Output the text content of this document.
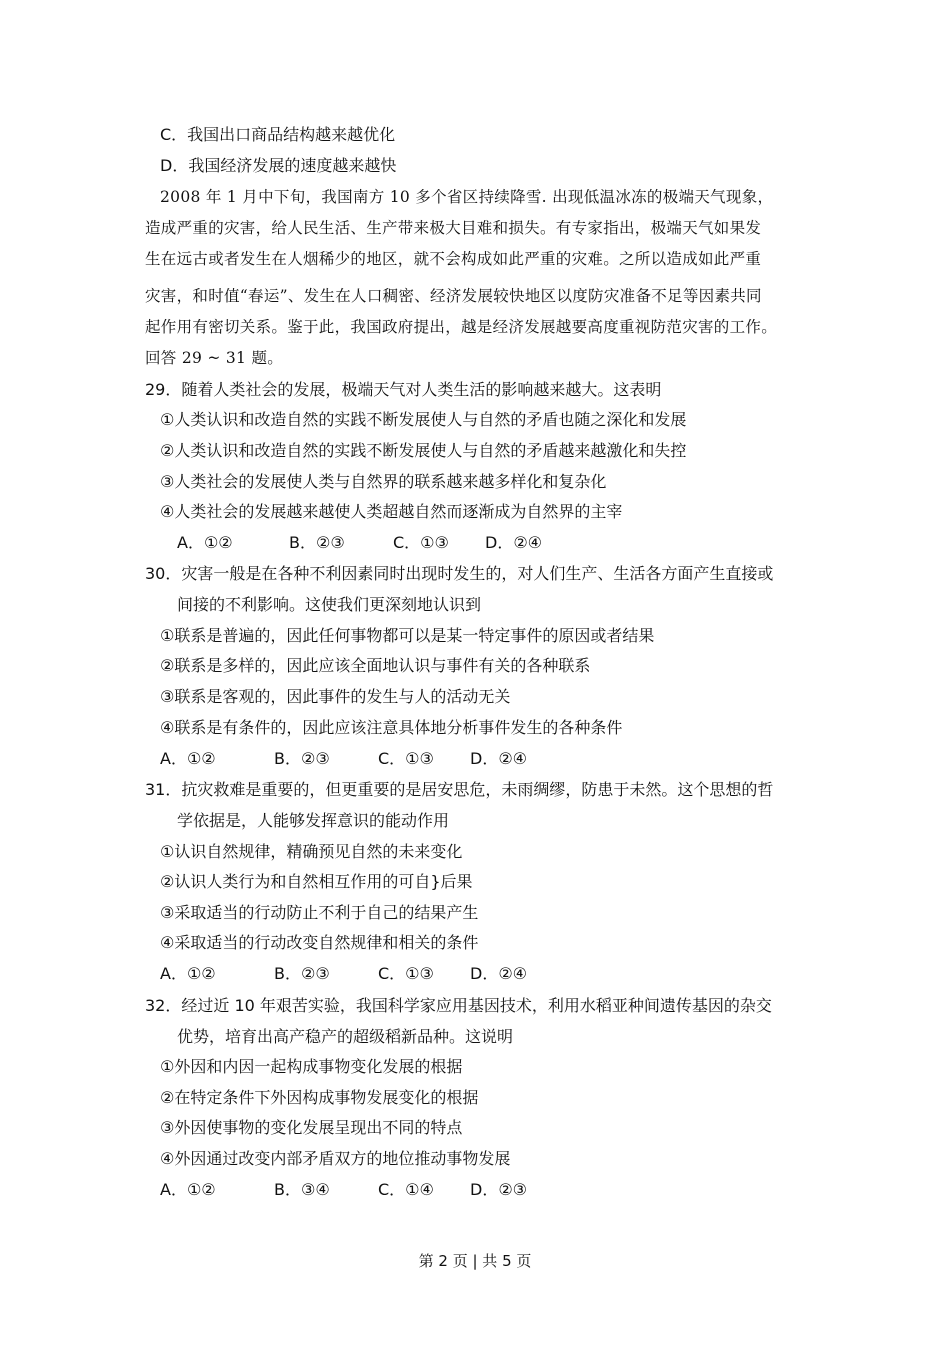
C．我国出口商品结构越来越优化
D．我国经济发展的速度越来越快
2008 年 1 月中下旬，我国南方 10 多个省区持续降雪. 出现低温冰冻的极端天气现象，
造成严重的灾害，给人民生活、生产带来极大目难和损失。有专家指出，极端天气如果发
生在远古或者发生在人烟稀少的地区，就不会构成如此严重的灾难。之所以造成如此严重
灾害，和时值“春运”、发生在人口稠密、经济发展较快地区以度防灾准备不足等因素共同
起作用有密切关系。鉴于此，我国政府提出，越是经济发展越要高度重视防范灾害的工作。
回答 29 ~ 31 题。
29．随着人类社会的发展，极端天气对人类生活的影响越来越大。这表明
①人类认识和改造自然的实践不断发展使人与自然的矛盾也随之深化和发展
②人类认识和改造自然的实践不断发展使人与自然的矛盾越来越激化和失控
③人类社会的发展使人类与自然界的联系越来越多样化和复杂化
④人类社会的发展越来越使人类超越自然而逐渐成为自然界的主宰
A．①②	B．②③	C．①③ D．②④
30．灾害一般是在各种不利因素同时出现时发生的，对人们生产、生活各方面产生直接或
间接的不利影响。这使我们更深刻地认识到
①联系是普遍的，因此任何事物都可以是某一特定事件的原因或者结果
②联系是多样的，因此应该全面地认识与事件有关的各种联系
③联系是客观的，因此事件的发生与人的活动无关
④联系是有条件的，因此应该注意具体地分析事件发生的各种条件
A．①②	B．②③	C．①③ D．②④
31．抗灾救难是重要的，但更重要的是居安思危，未雨绸缪，防患于未然。这个思想的哲
学依据是，人能够发挥意识的能动作用
①认识自然规律，精确预见自然的未来变化
②认识人类行为和自然相互作用的可自}后果
③采取适当的行动防止不利于自己的结果产生
④采取适当的行动改变自然规律和相关的条件
A．①②	B．②③	C．①③ D．②④
32．经过近 10 年艰苦实验，我国科学家应用基因技术，利用水稻亚种间遗传基因的杂交
优势，培育出高产稳产的超级稻新品种。这说明
①外因和内因一起构成事物变化发展的根据
②在特定条件下外因构成事物发展变化的根据
③外因使事物的变化发展呈现出不同的特点
④外因通过改变内部矛盾双方的地位推动事物发展
A．①②	B．③④	C．①④ D．②③
第 2 页 | 共 5 页
